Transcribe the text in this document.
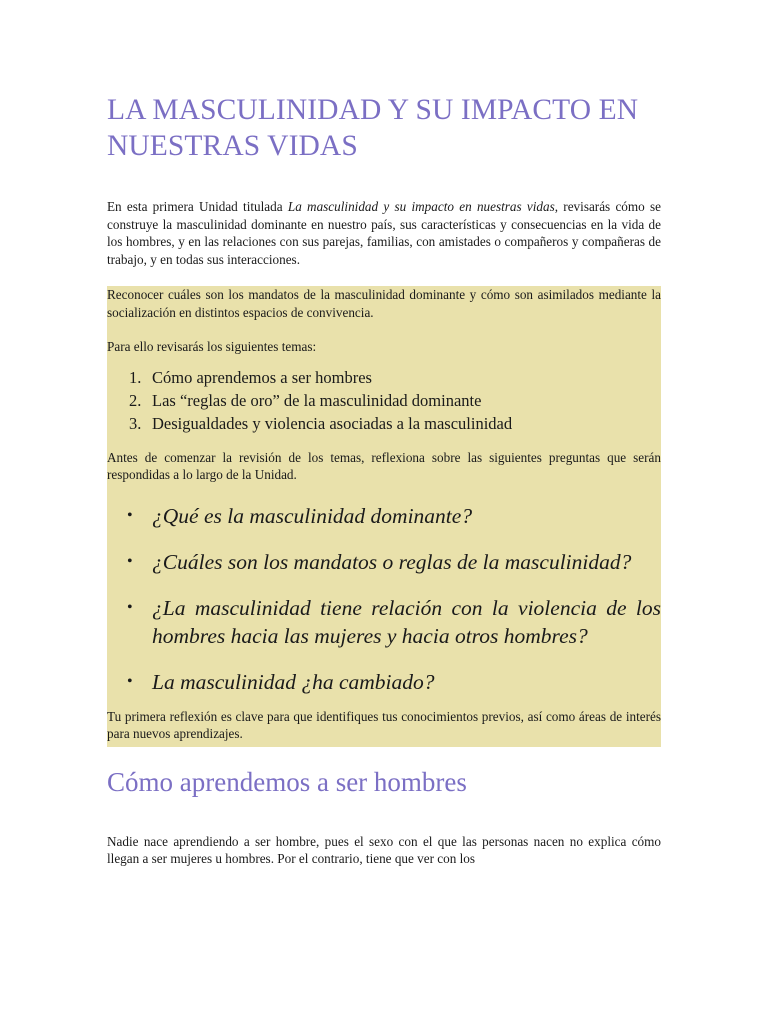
LA MASCULINIDAD Y SU IMPACTO EN NUESTRAS VIDAS

En esta primera Unidad titulada La masculinidad y su impacto en nuestras vidas, revisarás cómo se construye la masculinidad dominante en nuestro país, sus características y consecuencias en la vida de los hombres, y en las relaciones con sus parejas, familias, con amistades o compañeros y compañeras de trabajo, y en todas sus interacciones.

Reconocer cuáles son los mandatos de la masculinidad dominante y cómo son asimilados mediante la socialización en distintos espacios de convivencia.

Para ello revisarás los siguientes temas:

1. Cómo aprendemos a ser hombres
2. Las “reglas de oro” de la masculinidad dominante
3. Desigualdades y violencia asociadas a la masculinidad

Antes de comenzar la revisión de los temas, reflexiona sobre las siguientes preguntas que serán respondidas a lo largo de la Unidad.

• ¿Qué es la masculinidad dominante?
• ¿Cuáles son los mandatos o reglas de la masculinidad?
• ¿La masculinidad tiene relación con la violencia de los hombres hacia las mujeres y hacia otros hombres?
• La masculinidad ¿ha cambiado?

Tu primera reflexión es clave para que identifiques tus conocimientos previos, así como áreas de interés para nuevos aprendizajes.

Cómo aprendemos a ser hombres

Nadie nace aprendiendo a ser hombre, pues el sexo con el que las personas nacen no explica cómo llegan a ser mujeres u hombres. Por el contrario, tiene que ver con los
